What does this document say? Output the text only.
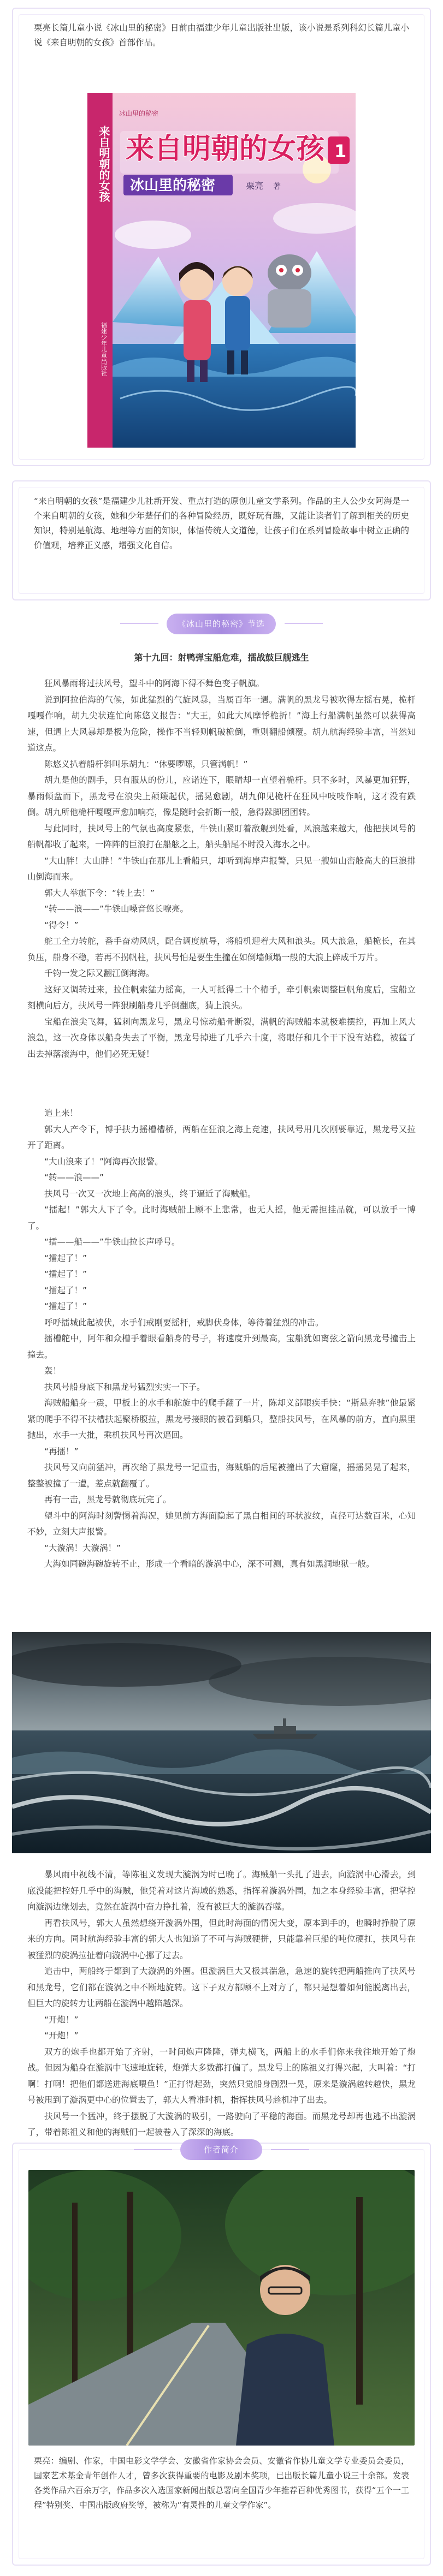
栗亮长篇儿童小说《冰山里的秘密》日前由福建少年儿童出版社出版，该小说是系列科幻长篇儿童小说《来自明朝的女孩》首部作品。
冰山里的秘密
来自明朝的女孩 1
冰山里的秘密	栗亮 著
来自明朝的女孩
福建少年儿童出版社
“来自明朝的女孩”是福建少儿社新开发、重点打造的原创儿童文学系列。作品的主人公少女阿海是一个来自明朝的女孩，她和少年楚仔们的各种冒险经历，既好玩有趣，又能让读者们了解到相关的历史知识，特别是航海、地理等方面的知识，体悟传统人文道德，让孩子们在系列冒险故事中树立正确的价值观，培养正义感，增强文化自信。
《冰山里的秘密》节选
第十九回：射鸭弹宝船危难，擂战鼓巨舰逃生

狂风暴雨将过扶风号，望斗中的阿海下得不舞色变子帆旗。

说到阿拉伯海的气候，如此猛烈的气旋风暴，当属百年一遇。满帆的黑龙号被吹得左摇右晃，桅杆嘎嘎作响，胡九尖状连忙向陈悠义报告：“大王，如此大风摩悸桅折！”海上行船满帆虽然可以获得高速，但遇上大风暴却是极为危险，操作不当轻则帆破桅倒，重则翻船倾覆。胡九航海经验丰富，当然知道这点。

陈悠义扒着船杆斜叫乐胡九：“休要啰嗦，只管满帆！”

胡九是他的副手，只有服从的份儿，应诺连下，眼睛却一直望着桅杆。只不多时，风暴更加狂野，暴雨倾盆而下，黑龙号在浪尖上颠簸起伏，摇晃愈剧，胡九仰见桅杆在狂风中吱吱作响，这才没有跌倒。胡九所他桅杆嘎嘎声愈加响亮，像是随时会折断一般，急得跺脚团团转。

与此同时，扶风号上的气氛也高度紧张，牛铁山紧盯着敌舰到处看，风浪越来越大，他把扶风号的船帆都收了起来，一阵阵的巨浪打在船舷之上，船头船尾不时没入海水之中。

“大山胖！大山胖！”牛铁山在那儿上看船只，却听到海岸声报警，只见一艘如山峦般高大的巨浪排山倒海而来。

郭大人举旗下令：“转上去！”

“转——浪——”牛铁山嗓音悠长嘹亮。

“得令！”

舵工全力转舵，番手奋动风帆，配合调度航导，将船机迎着大风和浪头。风大浪急，船桅长，在其负压，船身不稳，若再不拐帆柱，扶风号怕是要生生撞在如倒墙倾塌一般的大浪上碎成千万片。

千钧一发之际又翻江倒海海。

这好又调转过来，拉住帆索猛力摇高，一人可抵得二十个椿手，牵引帆索调整巨帆角度后，宝船立刻横向后方，扶风号一阵狠刷船身几乎倒翻底，猜上浪头。

宝船在浪尖飞舞，猛刺向黑龙号，黑龙号惊动船骨断裂，满帆的海贼船本就极难摆控，再加上风大浪急，这一次身体以船身失去了平衡，黑龙号掉进了几乎六十度，将眼仔和几个干下没有站稳，被猛了出去掉落滚海中，他们必死无疑！

追上来！

郭大人产令下，博手扶力摇槽槽桥，两船在狂浪之海上竞速，扶风号用几次刚要靠近，黑龙号又拉开了距离。

“大山浪来了！”阿海再次报警。

“转——浪——”

扶风号一次又一次地上高高的浪头，终于逼近了海贼船。

“擂起！”郭大人下了令。此时海贼船上顾不上悲常，也无人摇，他无需担挂品就，可以放手一博了。

“擂——船——”牛铁山拉长声呼号。

“擂起了！”

“擂起了！”

“擂起了！”

“擂起了！”

呼呼擂城此起被伏，水手们戒刚要摇杆，戒脚伏身体，等待着猛烈的冲击。

擂槽舵中，阿年和众槽手着眼看船身的号子，将速度升到最高，宝船犹如离弦之箭向黑龙号撞击上撞去。

轰！

扶风号船身底下和黑龙号猛烈实实一下子。

海贼船船身一震，甲板上的水手和舵旋中的爬手翻了一片，陈却义部眼疾手快：“斯悬弃驰”他最紧紧的爬手不得不扶槽扶起聚桥腹拉，黑龙号接眼的被看到船只，整船扶风号，在风暴的前方，直向黑里抛出，水手一大批，乘机扶风号再次逼回。

“再擂！”

扶风号又向前猛冲，再次给了黑龙号一记重击，海贼船的后尾被撞出了大窟窿，摇摇晃晃了起来，整整被撞了一遭，差点就翻覆了。

再有一击，黑龙号就彻底玩完了。

望斗中的阿海时刻警惕着海况，她见前方海面隐起了黑白相间的环状波纹，直径可达数百米，心知不妙，立刻大声报警。

“大漩涡！大漩涡！”

大海如同碗海碗旋转不止，形成一个看暗的漩涡中心，深不可测，真有如黑洞地狱一般。

暴风雨中视线不清，等陈祖义发现大漩涡为时已晚了。海贼船一头扎了进去，向漩涡中心滑去，到底没能把控好几乎中的海贼，他凭着对这片海域的熟悉，指挥着漩涡外围，加之本身经验丰富，把掌控向漩涡边缘划去，竟然在旋涡中奋力挣扎着，没有被巨大的漩涡吞噬。

再看扶风号，郭大人虽然想绕开漩涡外围，但此时海面的情况大变，原本到手的，也瞬时挣脱了原来的方向。同时航海经验丰富的郭大人也知道了不可与海贼硬拼，只能靠着巨船的吨位硬扛，扶风号在被猛烈的旋涡拉扯着向漩涡中心挪了过去。

追击中，两船终于都到了大漩涡的外圈。但漩涡巨大又极其湍急，急速的旋转把两船推向了扶风号和黑龙号，它们都在漩涡之中不断地旋转。这下子双方都顾不上对方了，都只是想着如何能脱离出去，但巨大的旋转力让两船在漩涡中越陷越深。

“开炮！”

“开炮！”

双方的炮手也都开始了齐射，一时间炮声隆隆，弹丸横飞，两船上的水手们你来我往地开始了炮战。但因为船身在漩涡中飞速地旋转，炮弹大多数都打偏了。黑龙号上的陈祖义打得兴起，大叫着：“打啊！打啊！把他们都送进海底喂鱼！”正打得起劲，突然只觉船身剧烈一晃，原来是漩涡越转越快，黑龙号被甩到了漩涡更中心的位置去了，郭大人看准时机，指挥扶风号趁机冲了出去。

扶风号一个猛冲，终于摆脱了大漩涡的吸引，一路驶向了平稳的海面。而黑龙号却再也逃不出漩涡了，带着陈祖义和他的海贼们一起被卷入了深深的海底。

作者简介
栗亮：编剧、作家，中国电影文学学会、安徽省作家协会会员、安徽省作协儿童文学专业委员会委员，国家艺术基金青年创作人才，曾多次获得重要的电影及剧本奖项，已出版长篇儿童小说三十余部。发表各类作品六百余万字，作品多次入选国家新闻出版总署向全国青少年推荐百种优秀图书，获得“五个一工程”特别奖、中国出版政府奖等，被称为“有灵性的儿童文学作家”。
